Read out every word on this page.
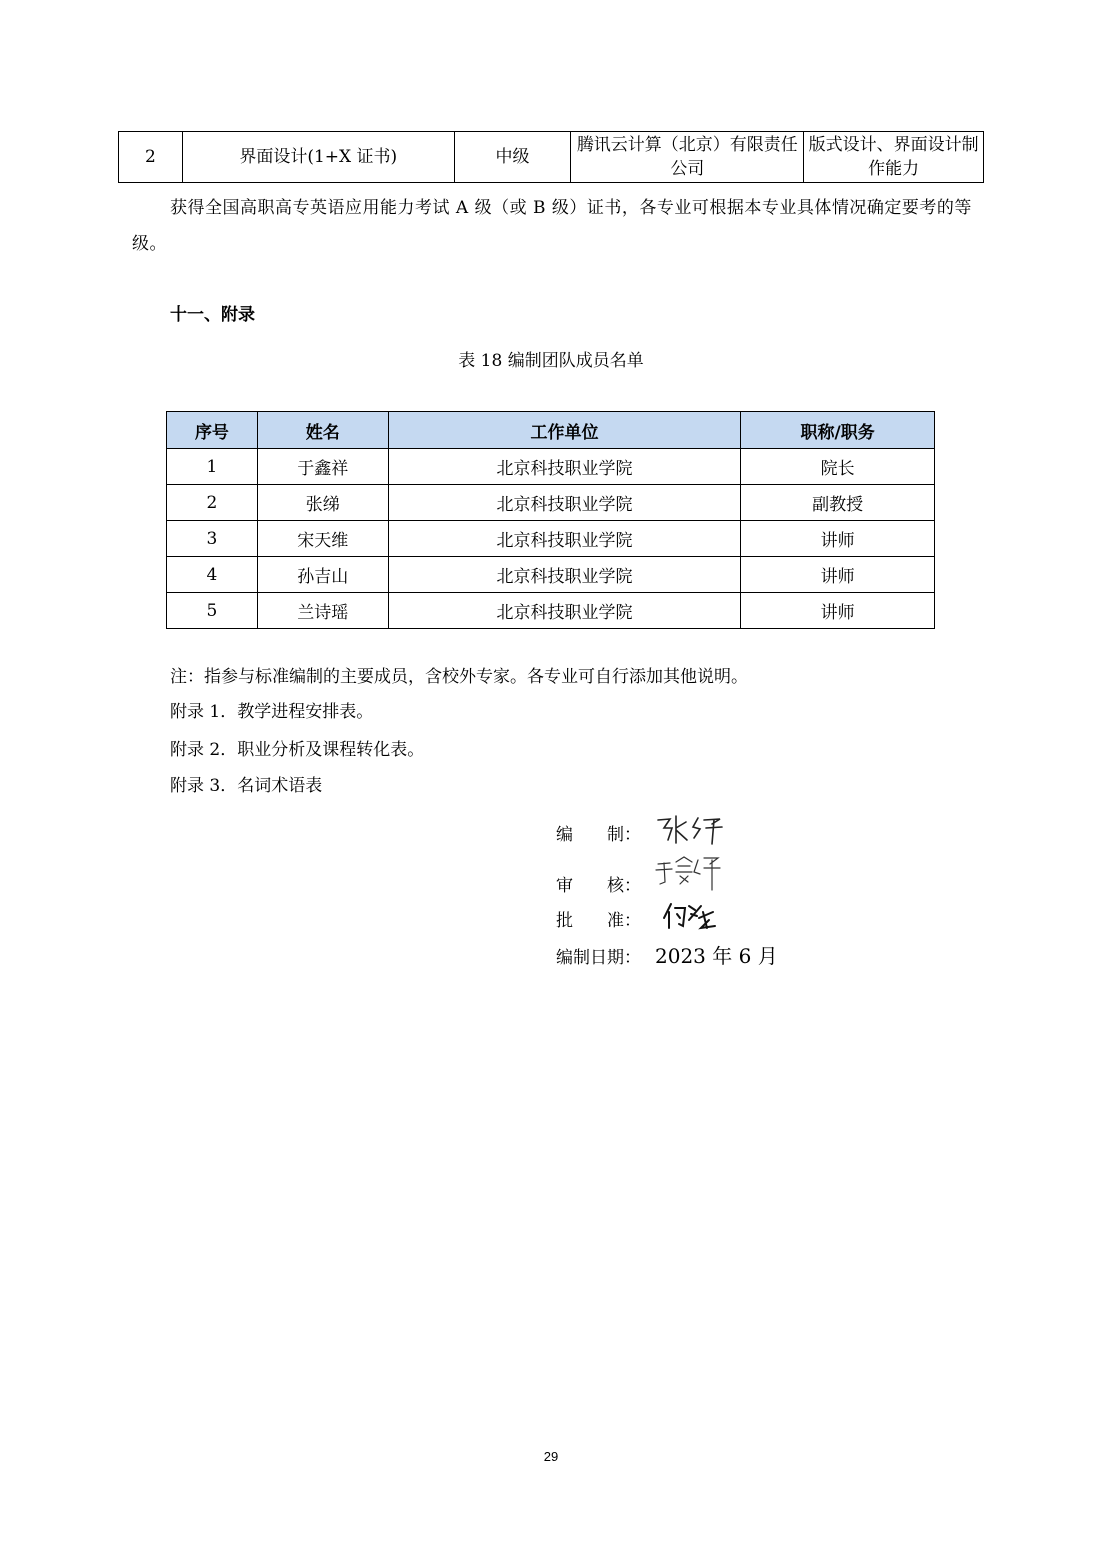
2	界面设计(1+X 证书)	中级	腾讯云计算（北京）有限责任公司	版式设计、界面设计制作能力
获得全国高职高专英语应用能力考试 A 级（或 B 级）证书，各专业可根据本专业具体情况确定要考的等级。
十一、附录
表 18 编制团队成员名单
序号	姓名	工作单位	职称/职务
1	于鑫祥	北京科技职业学院	院长
2	张绨	北京科技职业学院	副教授
3	宋天维	北京科技职业学院	讲师
4	孙吉山	北京科技职业学院	讲师
5	兰诗瑶	北京科技职业学院	讲师
注：指参与标准编制的主要成员，含校外专家。各专业可自行添加其他说明。
附录 1．教学进程安排表。
附录 2．职业分析及课程转化表。
附录 3．名词术语表
编　　制：
审　　核：
批　　准：
编制日期： 2023 年 6 月
29
